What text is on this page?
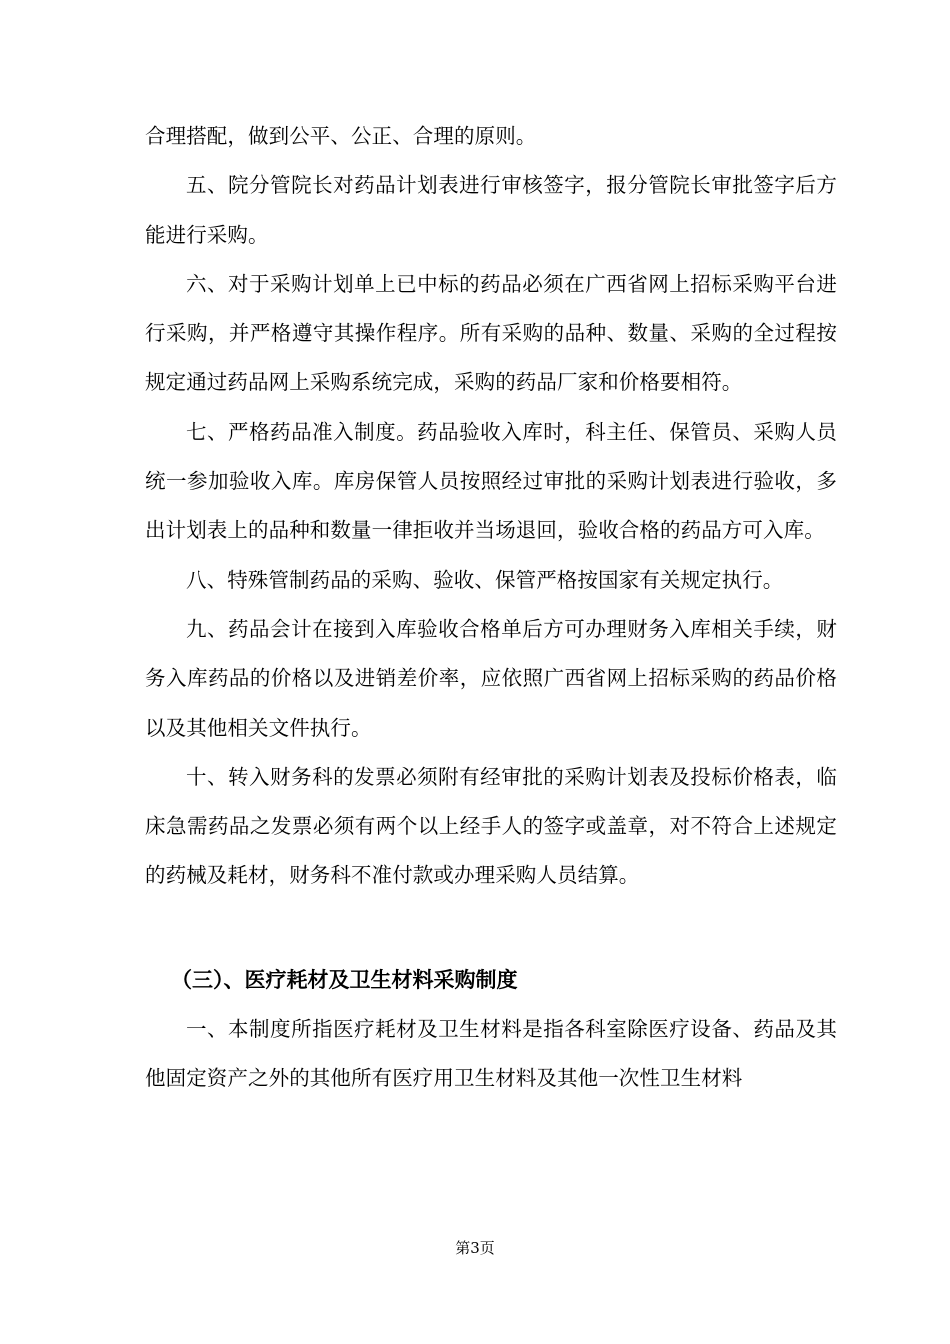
合理搭配，做到公平、公正、合理的原则。

五、院分管院长对药品计划表进行审核签字，报分管院长审批签字后方能进行采购。

六、对于采购计划单上已中标的药品必须在广西省网上招标采购平台进行采购，并严格遵守其操作程序。所有采购的品种、数量、采购的全过程按规定通过药品网上采购系统完成，采购的药品厂家和价格要相符。

七、严格药品准入制度。药品验收入库时，科主任、保管员、采购人员统一参加验收入库。库房保管人员按照经过审批的采购计划表进行验收，多出计划表上的品种和数量一律拒收并当场退回，验收合格的药品方可入库。

八、特殊管制药品的采购、验收、保管严格按国家有关规定执行。

九、药品会计在接到入库验收合格单后方可办理财务入库相关手续，财务入库药品的价格以及进销差价率，应依照广西省网上招标采购的药品价格以及其他相关文件执行。

十、转入财务科的发票必须附有经审批的采购计划表及投标价格表，临床急需药品之发票必须有两个以上经手人的签字或盖章，对不符合上述规定的药械及耗材，财务科不准付款或办理采购人员结算。

（三）、医疗耗材及卫生材料采购制度

一、本制度所指医疗耗材及卫生材料是指各科室除医疗设备、药品及其他固定资产之外的其他所有医疗用卫生材料及其他一次性卫生材料

第3页
